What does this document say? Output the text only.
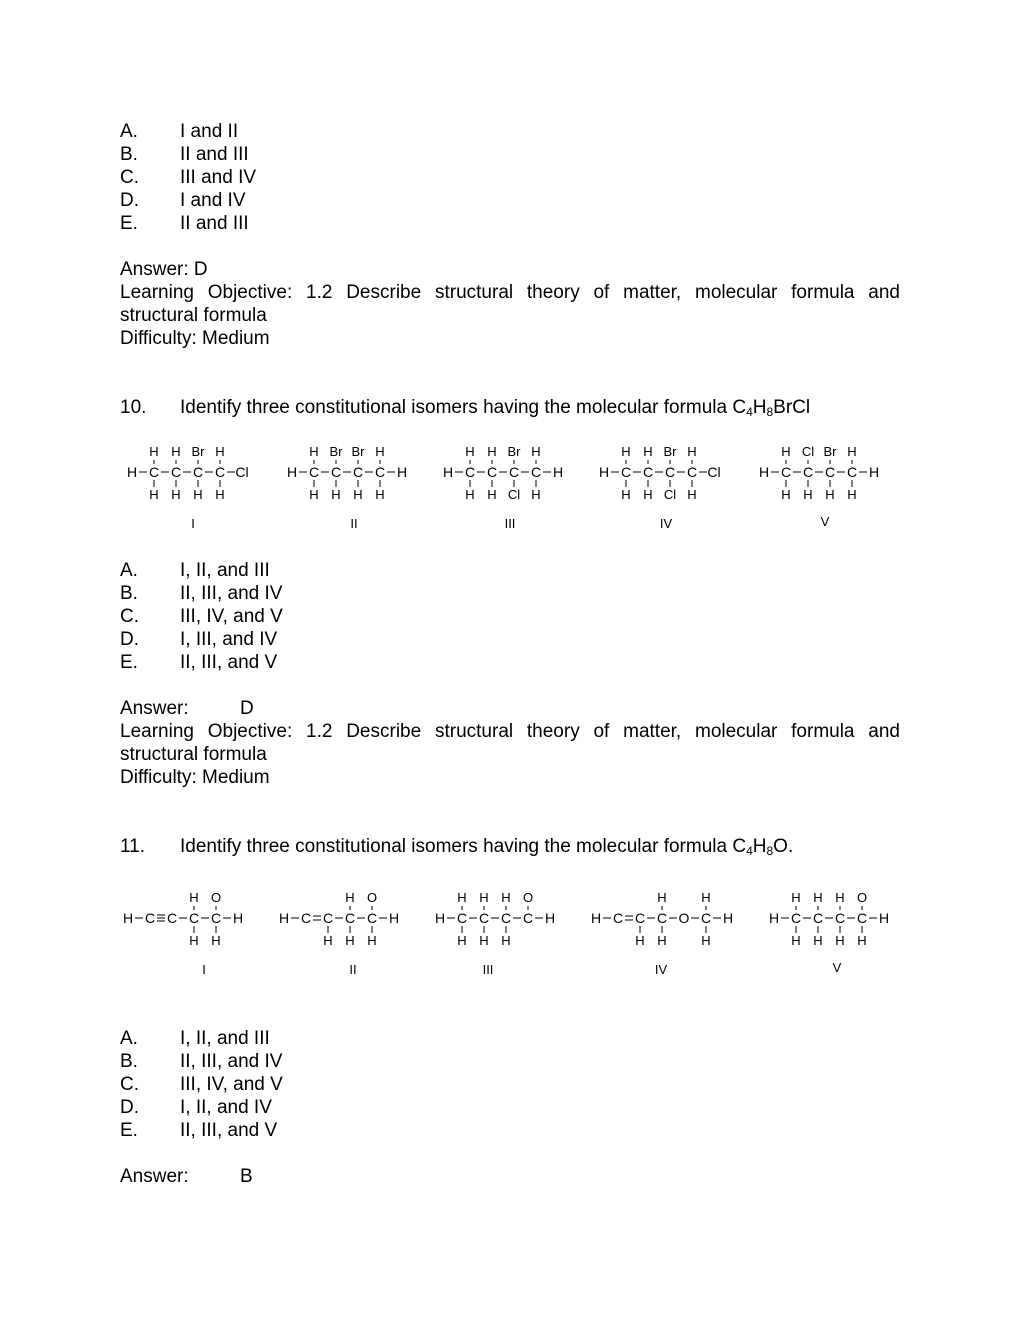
A. I and II
B. II and III
C. III and IV
D. I and IV
E. II and III
Answer: D
Learning Objective: 1.2 Describe structural theory of matter, molecular formula and
structural formula
Difficulty: Medium
10. Identify three constitutional isomers having the molecular formula $C_4H_8BrCl$
H C
H
H
C
H
H
C
Br
H
C
H
H
Cl	H C
H
H
C
Br
H
C
Br
H
C
H
H
H	H C
H
H
C
H
H
C
Br
Cl
C
H
H
H	H C
H
H
C
H
H
C
Br
Cl
C
H
H
Cl	H C
H
H
C
Cl
H
C
Br
H
C
H
H
H
I	II	III	IV	V
A. I, II, and III
B. II, III, and IV
C. III, IV, and V
D. I, III, and IV
E. II, III, and V
Answer:	D
Learning Objective: 1.2 Describe structural theory of matter, molecular formula and
structural formula
Difficulty: Medium
11. Identify three constitutional isomers having the molecular formula $C_4H_8O$.
H C C C
H
H
C
O
H
H	H C C
H
C
H
H
C
O
H
H	H C
H
H
C
H
H
C
H
H
C
O
H	H C C
H
C
H
H
O C
H
H
H	H C
H
H
C
H
H
C
H
H
C
O
H
H
I	II	III	IV	V
A. I, II, and III
B. II, III, and IV
C. III, IV, and V
D. I, II, and IV
E. II, III, and V
Answer:	B
